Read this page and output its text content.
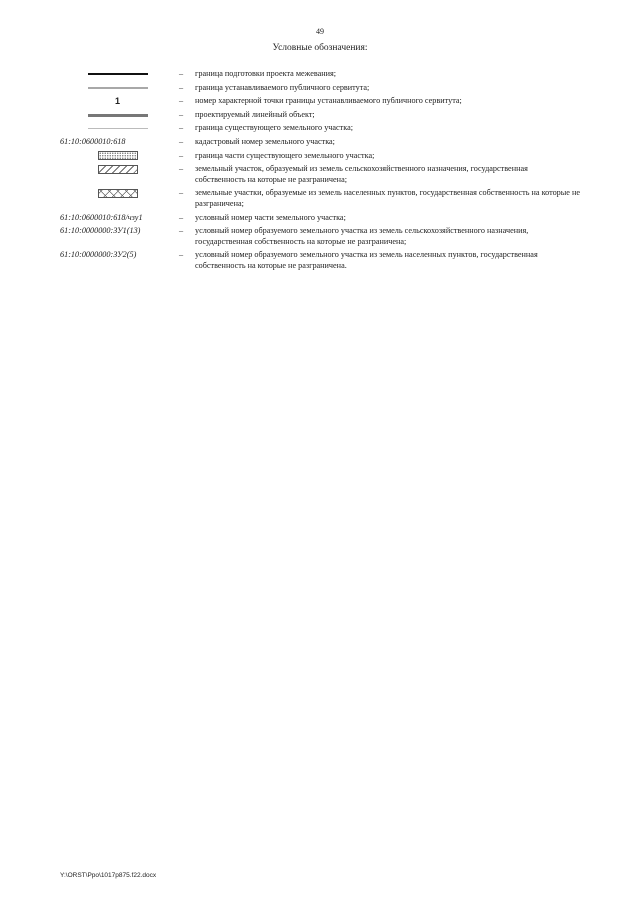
49
Условные обозначения:
–	граница подготовки проекта межевания;
–	граница устанавливаемого публичного сервитута;
1	–	номер характерной точки границы устанавливаемого публичного сервитута;
–	проектируемый линейный объект;
–	граница существующего земельного участка;
61:10:0600010:618	–	кадастровый номер земельного участка;
–	граница части существующего земельного участка;
–	земельный участок, образуемый из земель сельскохозяйственного назначения, государственная собственность на которые не разграничена;
–	земельные участки, образуемые из земель населенных пунктов, государственная собственность на которые не разграничена;
61:10:0600010:618/чзу1	–	условный номер части земельного участка;
61:10:0000000:ЗУ1(13)	–	условный номер образуемого земельного участка из земель сельскохозяйственного назначения, государственная собственность на которые не разграничена;
61:10:0000000:ЗУ2(5)	–	условный номер образуемого земельного участка из земель населенных пунктов, государственная собственность на которые не разграничена.
Y:\ORST\Ppo\1017p875.f22.docx
